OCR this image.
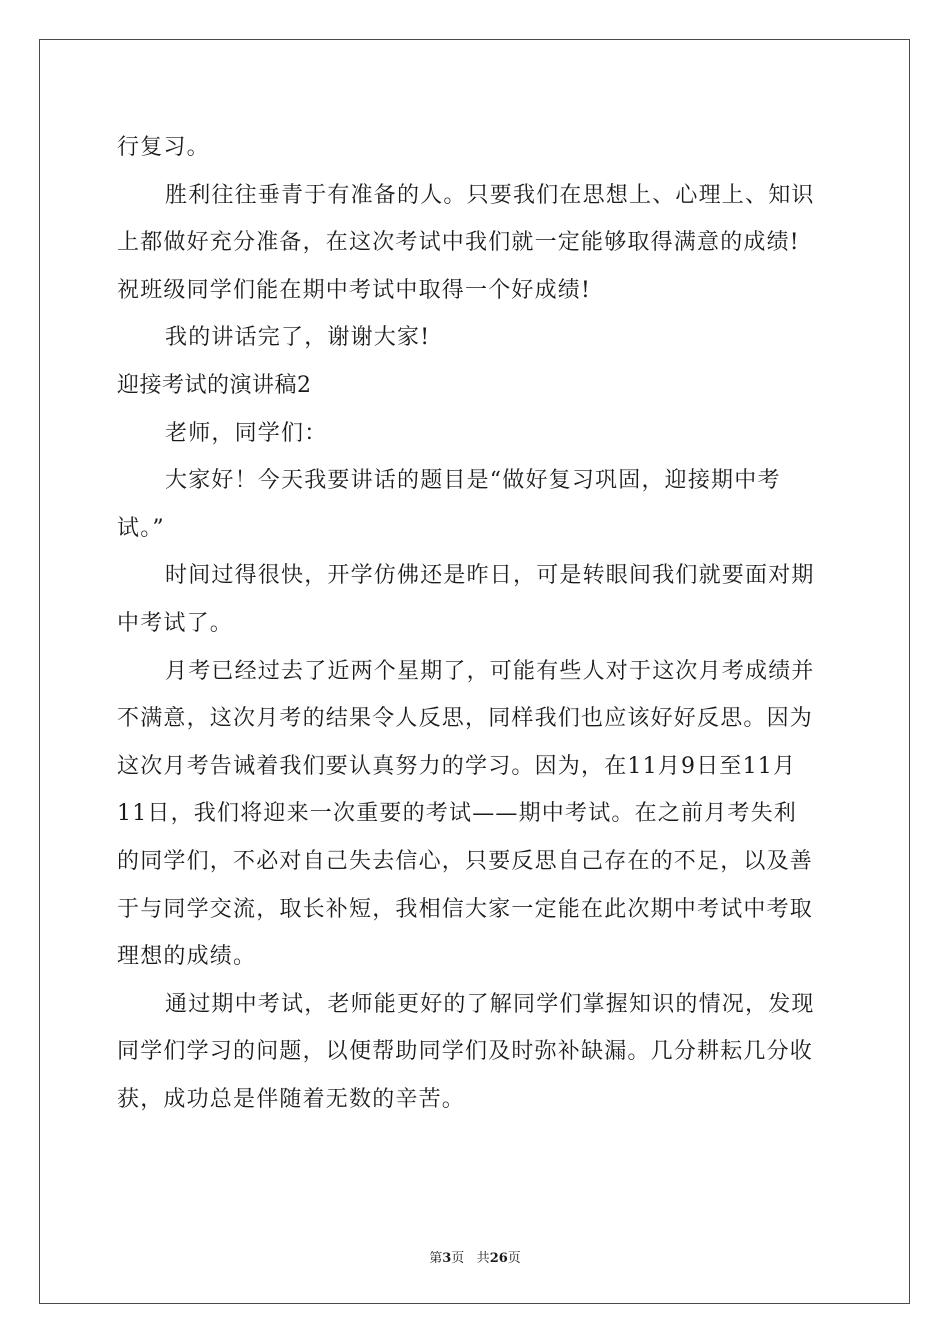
行复习。
胜利往往垂青于有准备的人。只要我们在思想上、心理上、知识
上都做好充分准备，在这次考试中我们就一定能够取得满意的成绩!
祝班级同学们能在期中考试中取得一个好成绩!
我的讲话完了，谢谢大家!
迎接考试的演讲稿2
老师，同学们：
大家好！今天我要讲话的题目是“做好复习巩固，迎接期中考
试。”
时间过得很快，开学仿佛还是昨日，可是转眼间我们就要面对期
中考试了。
月考已经过去了近两个星期了，可能有些人对于这次月考成绩并
不满意，这次月考的结果令人反思，同样我们也应该好好反思。因为
这次月考告诫着我们要认真努力的学习。因为，在11月9日至11月
11日，我们将迎来一次重要的考试——期中考试。在之前月考失利
的同学们，不必对自己失去信心，只要反思自己存在的不足，以及善
于与同学交流，取长补短，我相信大家一定能在此次期中考试中考取
理想的成绩。
通过期中考试，老师能更好的了解同学们掌握知识的情况，发现
同学们学习的问题，以便帮助同学们及时弥补缺漏。几分耕耘几分收
获，成功总是伴随着无数的辛苦。
第3页 共26页
